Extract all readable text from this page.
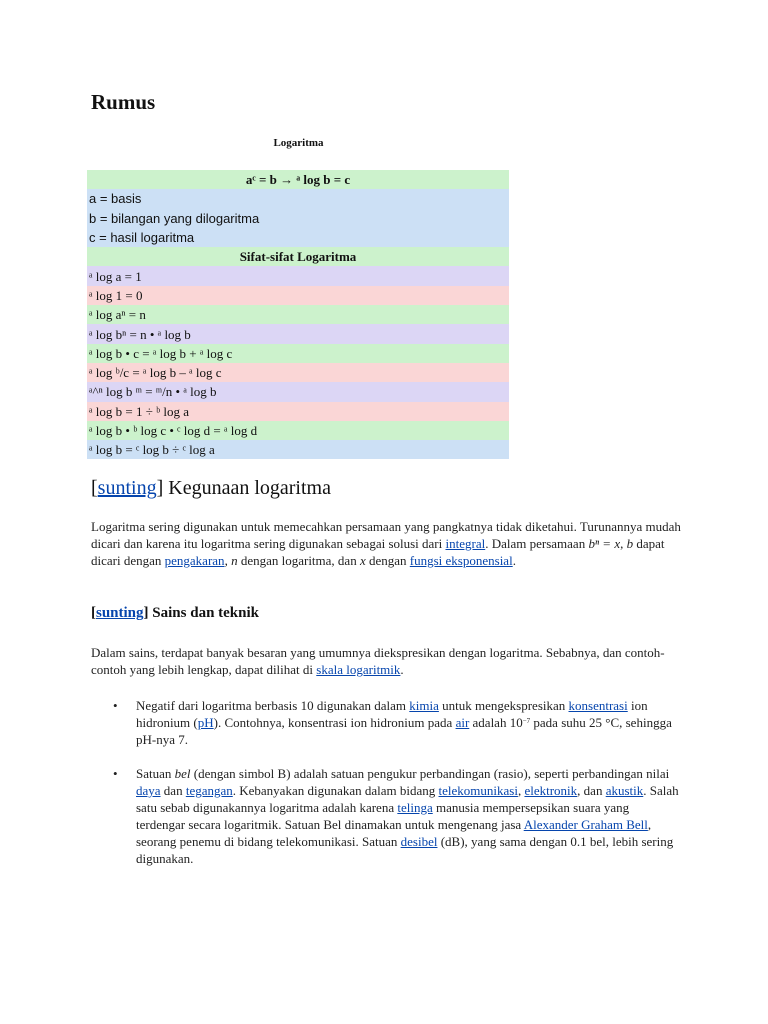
Rumus
Logaritma
aᶜ = b → ᵃ log b = c
a = basis
b = bilangan yang dilogaritma
c = hasil logaritma
Sifat-sifat Logaritma
ᵃ log a = 1
ᵃ log 1 = 0
ᵃ log aⁿ = n
ᵃ log bⁿ = n • ᵃ log b
ᵃ log b • c = ᵃ log b + ᵃ log c
ᵃ log ᵇ/c = ᵃ log b – ᵃ log c
ᵃ^ⁿ log b ᵐ = ᵐ/n • ᵃ log b
ᵃ log b = 1 ÷ ᵇ log a
ᵃ log b • ᵇ log c • ᶜ log d = ᵃ log d
ᵃ log b = ᶜ log b ÷ ᶜ log a
[sunting] Kegunaan logaritma

Logaritma sering digunakan untuk memecahkan persamaan yang pangkatnya tidak diketahui. Turunannya mudah dicari dan karena itu logaritma sering digunakan sebagai solusi dari integral. Dalam persamaan bⁿ = x, b dapat dicari dengan pengakaran, n dengan logaritma, dan x dengan fungsi eksponensial.

[sunting] Sains dan teknik

Dalam sains, terdapat banyak besaran yang umumnya diekspresikan dengan logaritma. Sebabnya, dan contoh-contoh yang lebih lengkap, dapat dilihat di skala logaritmik.

• Negatif dari logaritma berbasis 10 digunakan dalam kimia untuk mengekspresikan konsentrasi ion hidronium (pH). Contohnya, konsentrasi ion hidronium pada air adalah $10^{-7}$ pada suhu 25 °C, sehingga pH-nya 7.
• Satuan bel (dengan simbol B) adalah satuan pengukur perbandingan (rasio), seperti perbandingan nilai daya dan tegangan. Kebanyakan digunakan dalam bidang telekomunikasi, elektronik, dan akustik. Salah satu sebab digunakannya logaritma adalah karena telinga manusia mempersepsikan suara yang terdengar secara logaritmik. Satuan Bel dinamakan untuk mengenang jasa Alexander Graham Bell, seorang penemu di bidang telekomunikasi. Satuan desibel (dB), yang sama dengan 0.1 bel, lebih sering digunakan.
